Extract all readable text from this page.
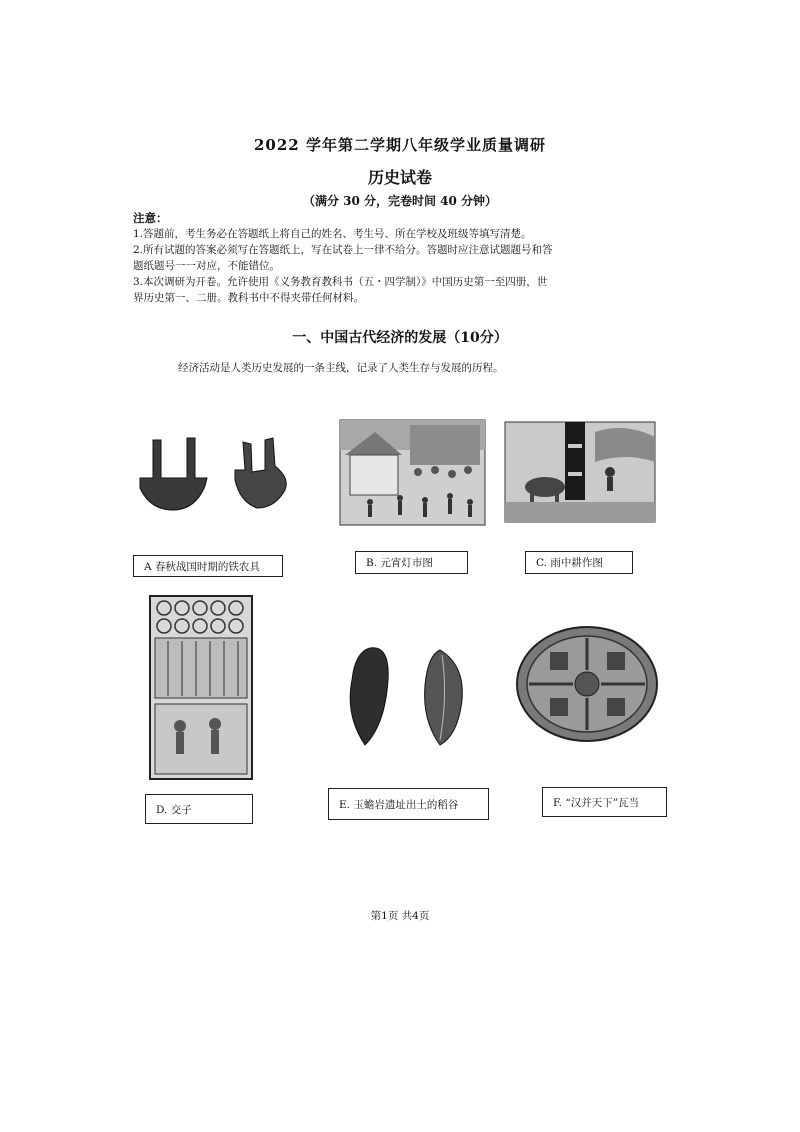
2022 学年第二学期八年级学业质量调研
历史试卷
（满分 30 分，完卷时间 40 分钟）
注意：
1.答题前，考生务必在答题纸上将自己的姓名、考生号、所在学校及班级等填写清楚。
2.所有试题的答案必须写在答题纸上，写在试卷上一律不给分。答题时应注意试题题号和答
题纸题号一一对应，不能错位。
3.本次调研为开卷。允许使用《义务教育教科书（五・四学制）》中国历史第一至四册，世
界历史第一、二册。教科书中不得夹带任何材料。
一、中国古代经济的发展（10分）
经济活动是人类历史发展的一条主线，记录了人类生存与发展的历程。
A 春秋战国时期的铁农具	B. 元宵灯市图	C. 雨中耕作图
D. 交子	E. 玉蟾岩遗址出土的稻谷	F. “汉并天下”瓦当
第1页 共4页
